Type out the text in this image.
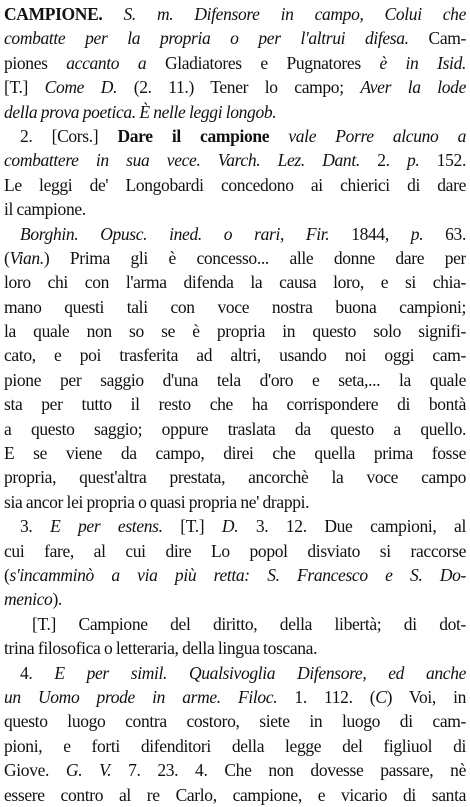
CAMPIONE. S. m. Difensore in campo, Colui che
combatte per la propria o per l'altrui difesa. Cam-
piones accanto a Gladiatores e Pugnatores è in Isid.
[T.] Come D. (2. 11.) Tener lo campo; Aver la lode
della prova poetica. È nelle leggi longob.
2. [Cors.] Dare il campione vale Porre alcuno a
combattere in sua vece. Varch. Lez. Dant. 2. p. 152.
Le leggi de' Longobardi concedono ai chierici di dare
il campione.
Borghin. Opusc. ined. o rari, Fir. 1844, p. 63.
(Vian.) Prima gli è concesso... alle donne dare per
loro chi con l'arma difenda la causa loro, e si chia-
mano questi tali con voce nostra buona campioni;
la quale non so se è propria in questo solo signifi-
cato, e poi trasferita ad altri, usando noi oggi cam-
pione per saggio d'una tela d'oro e seta,... la quale
sta per tutto il resto che ha corrispondere di bontà
a questo saggio; oppure traslata da questo a quello.
E se viene da campo, direi che quella prima fosse
propria, quest'altra prestata, ancorchè la voce campo
sia ancor lei propria o quasi propria ne' drappi.
3. E per estens. [T.] D. 3. 12. Due campioni, al
cui fare, al cui dire Lo popol disviato si raccorse
(s'incamminò a via più retta: S. Francesco e S. Do-
menico).
[T.] Campione del diritto, della libertà; di dot-
trina filosofica o letteraria, della lingua toscana.
4. E per simil. Qualsivoglia Difensore, ed anche
un Uomo prode in arme. Filoc. 1. 112. (C) Voi, in
questo luogo contra costoro, siete in luogo di cam-
pioni, e forti difenditori della legge del figliuol di
Giove. G. V. 7. 23. 4. Che non dovesse passare, nè
essere contro al re Carlo, campione, e vicario di santa
